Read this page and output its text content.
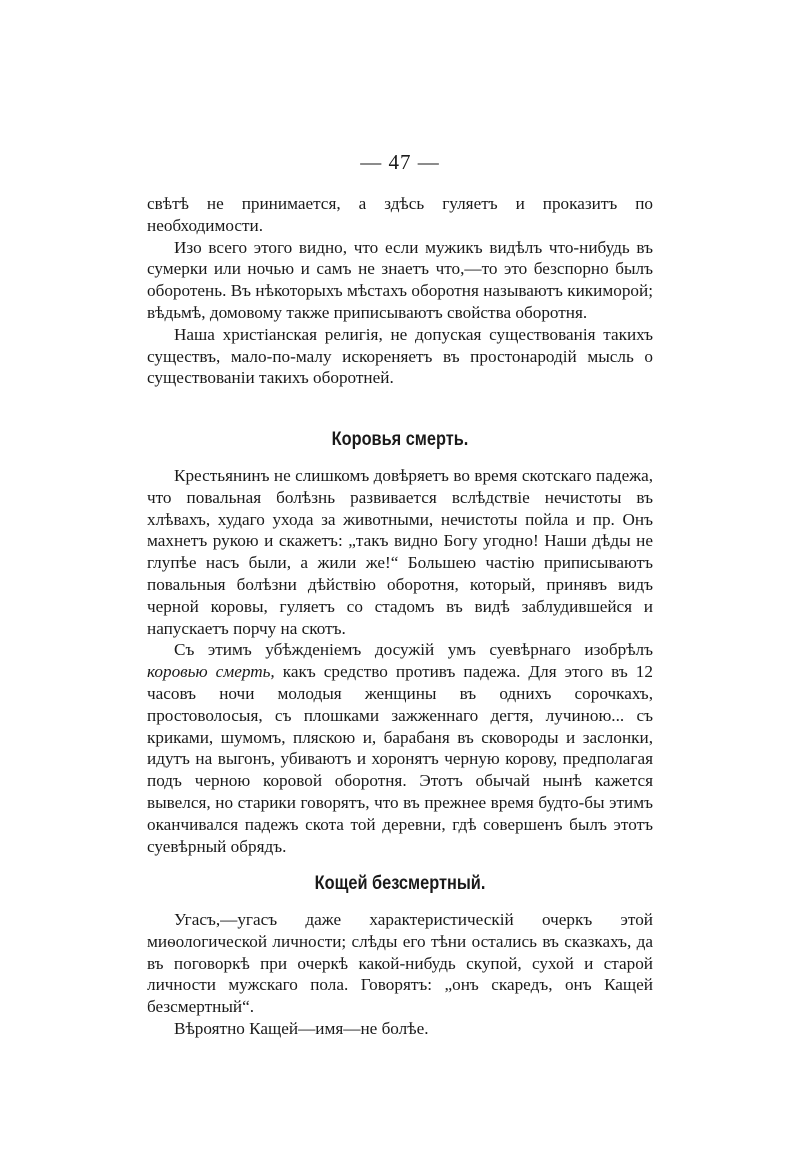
— 47 —

свѣтѣ не принимается, а здѣсь гуляетъ и проказитъ по необходимости.

Изо всего этого видно, что если мужикъ видѣлъ что-нибудь въ сумерки или ночью и самъ не знаетъ что,—то это безспорно былъ оборотень. Въ нѣкоторыхъ мѣстахъ оборотня называютъ кикиморой; вѣдьмѣ, домовому также приписываютъ свойства оборотня.

Наша христіанская религія, не допуская существованія такихъ существъ, мало-по-малу искореняетъ въ простонародій мысль о существованіи такихъ оборотней.

Коровья смерть.

Крестьянинъ не слишкомъ довѣряетъ во время скотскаго падежа, что повальная болѣзнь развивается вслѣдствіе нечистоты въ хлѣвахъ, худаго ухода за животными, нечистоты пойла и пр. Онъ махнетъ рукою и скажетъ: „такъ видно Богу угодно! Наши дѣды не глупѣе насъ были, а жили же!“ Большею частію приписываютъ повальныя болѣзни дѣйствію оборотня, который, принявъ видъ черной коровы, гуляетъ со стадомъ въ видѣ заблудившейся и напускаетъ порчу на скотъ.

Съ этимъ убѣжденіемъ досужій умъ суевѣрнаго изобрѣлъ коровью смерть, какъ средство противъ падежа. Для этого въ 12 часовъ ночи молодыя женщины въ однихъ сорочкахъ, простоволосыя, съ плошками зажженнаго дегтя, лучиною... съ криками, шумомъ, пляскою и, барабаня въ сковороды и заслонки, идутъ на выгонъ, убиваютъ и хоронятъ черную корову, предполагая подъ черною коровой оборотня. Этотъ обычай нынѣ кажется вывелся, но старики говорятъ, что въ прежнее время будто-бы этимъ оканчивался падежъ скота той деревни, гдѣ совершенъ былъ этотъ суевѣрный обрядъ.

Кощей безсмертный.

Угасъ,—угасъ даже характеристическій очеркъ этой миѳологической личности; слѣды его тѣни остались въ сказкахъ, да въ поговоркѣ при очеркѣ какой-нибудь скупой, сухой и старой личности мужскаго пола. Говорятъ: „онъ скаредъ, онъ Кащей безсмертный“.

Вѣроятно Кащей—имя—не болѣе.
